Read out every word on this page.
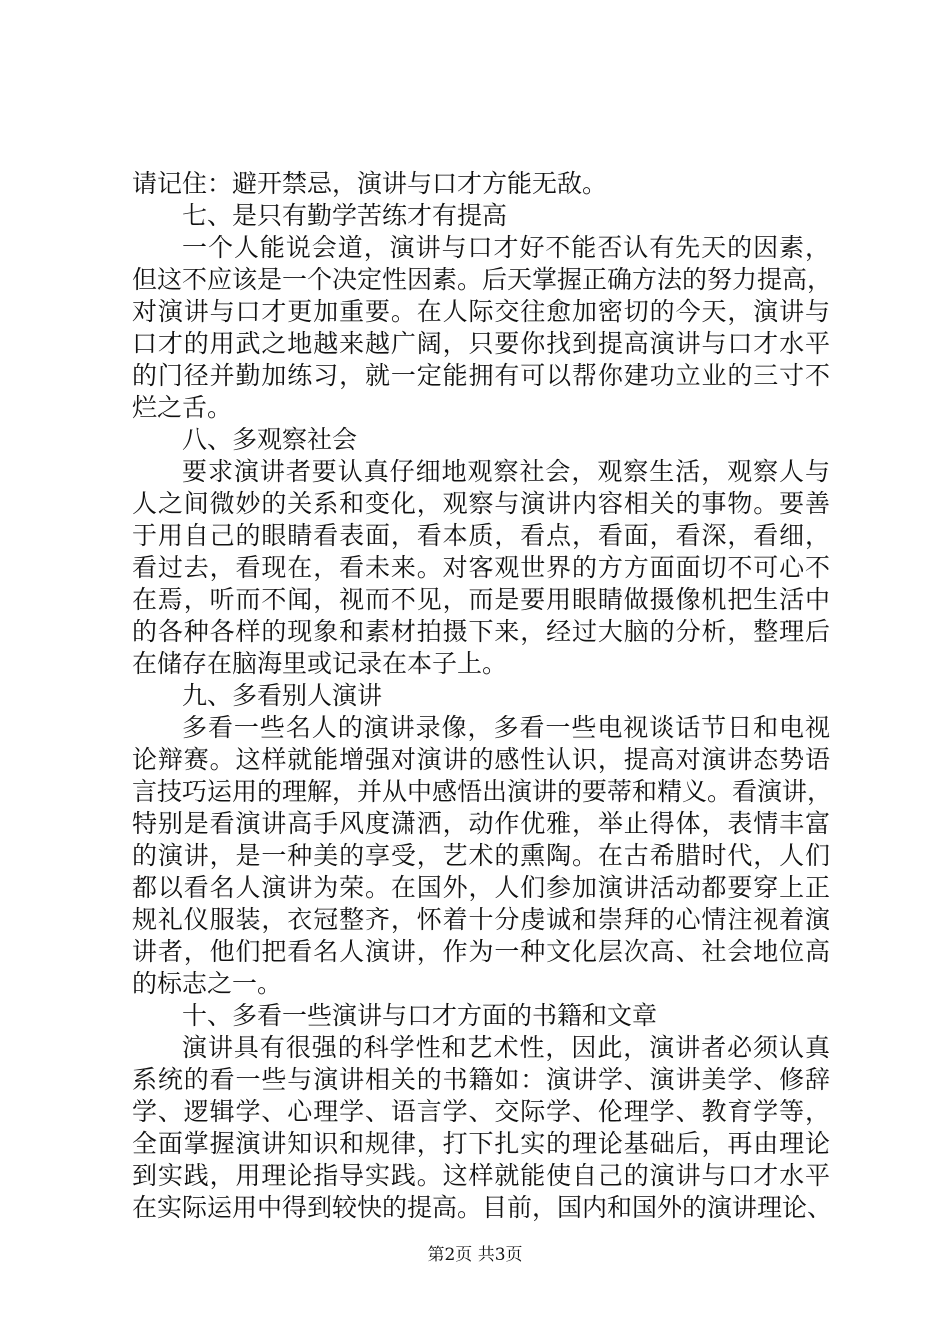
请记住：避开禁忌，演讲与口才方能无敌。
七、是只有勤学苦练才有提高
一个人能说会道，演讲与口才好不能否认有先天的因素，
但这不应该是一个决定性因素。后天掌握正确方法的努力提高，
对演讲与口才更加重要。在人际交往愈加密切的今天，演讲与
口才的用武之地越来越广阔，只要你找到提高演讲与口才水平
的门径并勤加练习，就一定能拥有可以帮你建功立业的三寸不
烂之舌。
八、多观察社会
要求演讲者要认真仔细地观察社会，观察生活，观察人与
人之间微妙的关系和变化，观察与演讲内容相关的事物。要善
于用自己的眼睛看表面，看本质，看点，看面，看深，看细，
看过去，看现在，看未来。对客观世界的方方面面切不可心不
在焉，听而不闻，视而不见，而是要用眼睛做摄像机把生活中
的各种各样的现象和素材拍摄下来，经过大脑的分析，整理后
在储存在脑海里或记录在本子上。
九、多看别人演讲
多看一些名人的演讲录像，多看一些电视谈话节日和电视
论辩赛。这样就能增强对演讲的感性认识，提高对演讲态势语
言技巧运用的理解，并从中感悟出演讲的要蒂和精义。看演讲，
特别是看演讲高手风度潇洒，动作优雅，举止得体，表情丰富
的演讲，是一种美的享受，艺术的熏陶。在古希腊时代，人们
都以看名人演讲为荣。在国外，人们参加演讲活动都要穿上正
规礼仪服装，衣冠整齐，怀着十分虔诚和崇拜的心情注视着演
讲者，他们把看名人演讲，作为一种文化层次高、社会地位高
的标志之一。
十、多看一些演讲与口才方面的书籍和文章
演讲具有很强的科学性和艺术性，因此，演讲者必须认真
系统的看一些与演讲相关的书籍如：演讲学、演讲美学、修辞
学、逻辑学、心理学、语言学、交际学、伦理学、教育学等，
全面掌握演讲知识和规律，打下扎实的理论基础后，再由理论
到实践，用理论指导实践。这样就能使自己的演讲与口才水平
在实际运用中得到较快的提高。目前，国内和国外的演讲理论、
第2页 共3页
